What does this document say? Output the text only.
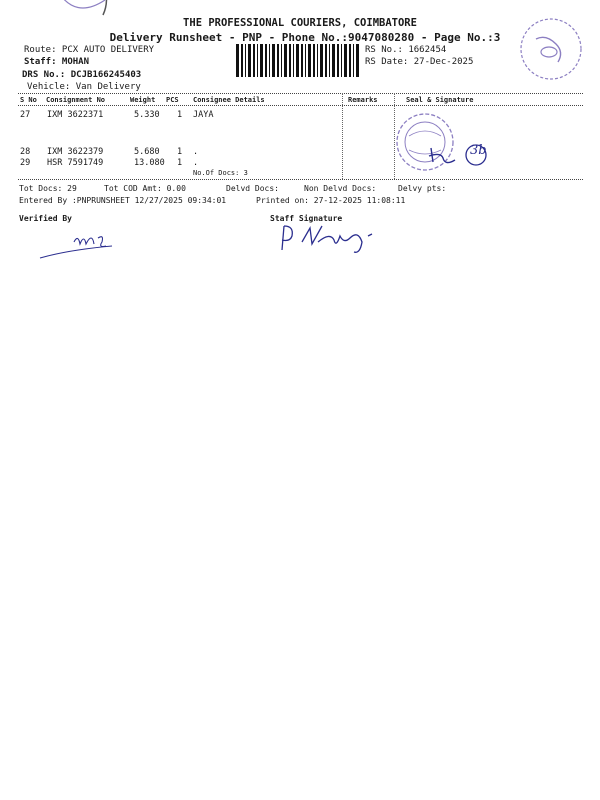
THE PROFESSIONAL COURIERS, COIMBATORE
Delivery Runsheet - PNP - Phone No.:9047080280 - Page No.:3
Route: PCX AUTO DELIVERY
Staff: MOHAN
DRS No.: DCJB166245403
Vehicle: Van Delivery
RS No.: 1662454
RS Date: 27-Dec-2025
S No Consignment No	Weight PCS Consignee Details	Remarks	Seal & Signature
27 IXM 3622371	5.330 1 JAYA
28 IXM 3622379	5.680 1 .
29 HSR 7591749	13.080 1 .
No.Of Docs: 3
3b
Tot Docs: 29	Tot COD Amt: 0.00	Delvd Docs:	Non Delvd Docs:	Delvy pts:
Entered By :PNPRUNSHEET 12/27/2025 09:34:01	Printed on: 27-12-2025 11:08:11
Verified By	Staff Signature
